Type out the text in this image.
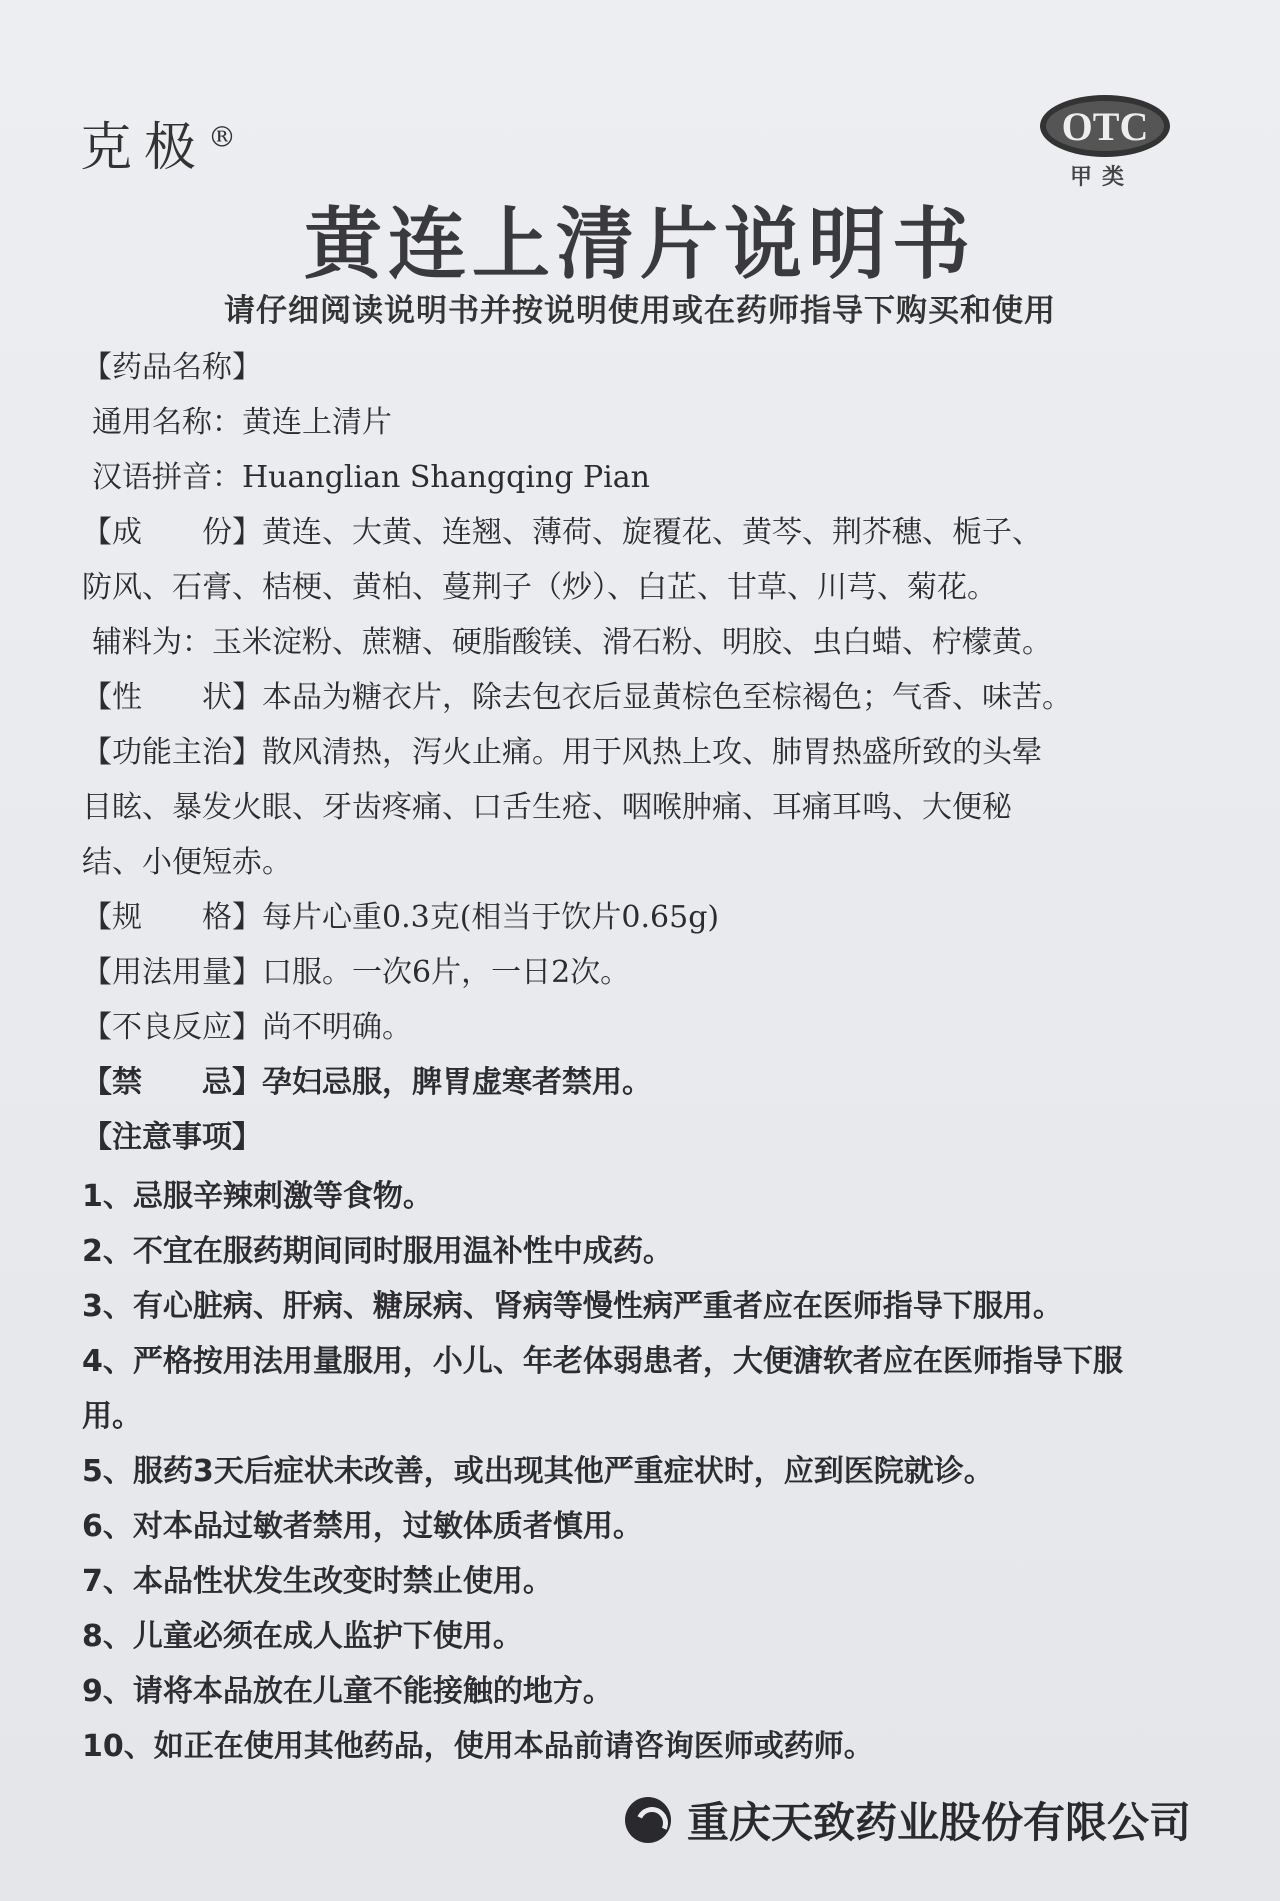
克极®	OTC
甲类
黄连上清片说明书
请仔细阅读说明书并按说明使用或在药师指导下购买和使用

【药品名称】

通用名称：黄连上清片

汉语拼音：Huanglian Shangqing Pian

【成　　份】黄连、大黄、连翘、薄荷、旋覆花、黄芩、荆芥穗、栀子、

防风、石膏、桔梗、黄柏、蔓荆子（炒）、白芷、甘草、川芎、菊花。

辅料为：玉米淀粉、蔗糖、硬脂酸镁、滑石粉、明胶、虫白蜡、柠檬黄。

【性　　状】本品为糖衣片，除去包衣后显黄棕色至棕褐色；气香、味苦。

【功能主治】散风清热，泻火止痛。用于风热上攻、肺胃热盛所致的头晕

目眩、暴发火眼、牙齿疼痛、口舌生疮、咽喉肿痛、耳痛耳鸣、大便秘

结、小便短赤。

【规　　格】每片心重0.3克(相当于饮片0.65g)

【用法用量】口服。一次6片，一日2次。

【不良反应】尚不明确。

【禁　　忌】孕妇忌服，脾胃虚寒者禁用。

【注意事项】

1、忌服辛辣刺激等食物。
2、不宜在服药期间同时服用温补性中成药。
3、有心脏病、肝病、糖尿病、肾病等慢性病严重者应在医师指导下服用。
4、严格按用法用量服用，小儿、年老体弱患者，大便溏软者应在医师指导下服用。
5、服药3天后症状未改善，或出现其他严重症状时，应到医院就诊。
6、对本品过敏者禁用，过敏体质者慎用。
7、本品性状发生改变时禁止使用。
8、儿童必须在成人监护下使用。
9、请将本品放在儿童不能接触的地方。
10、如正在使用其他药品，使用本品前请咨询医师或药师。
重庆天致药业股份有限公司
